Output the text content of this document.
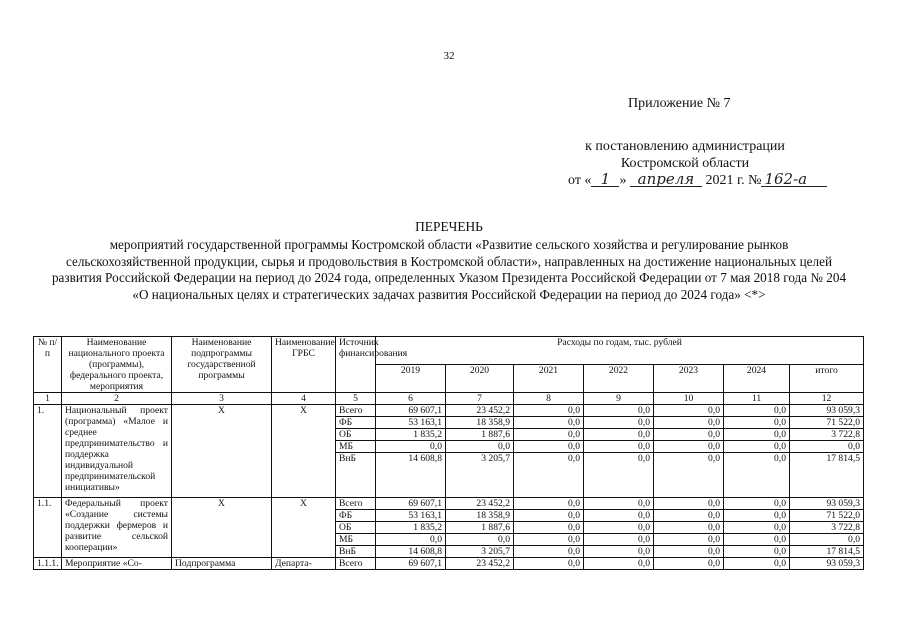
32
Приложение № 7
к постановлению администрации
Костромской области
от « 1 » апреля 2021 г. № 162-а
ПЕРЕЧЕНЬ
мероприятий государственной программы Костромской области «Развитие сельского хозяйства и регулирование рынков сельскохозяйственной продукции, сырья и продовольствия в Костромской области», направленных на достижение национальных целей развития Российской Федерации на период до 2024 года, определенных Указом Президента Российской Федерации от 7 мая 2018 года № 204 «О национальных целях и стратегических задачах развития Российской Федерации на период до 2024 года» <*>
№ п/п	Наименование национального проекта (программы), федерального проекта, мероприятия	Наименование подпрограммы государственной программы	Наименование ГРБС	Источник финансирования	Расходы по годам, тыс. рублей						
					2019	2020	2021	2022	2023	2024	итого
1	2	3	4	5	6	7	8	9	10	11	12
1.	Национальный проект (программа) «Малое и среднее предпринимательство и поддержка индивидуальной предпринимательской инициативы»	Х	Х	Всего	69 607,1	23 452,2	0,0	0,0	0,0	0,0	93 059,3
				ФБ	53 163,1	18 358,9	0,0	0,0	0,0	0,0	71 522,0
				ОБ	1 835,2	1 887,6	0,0	0,0	0,0	0,0	3 722,8
				МБ	0,0	0,0	0,0	0,0	0,0	0,0	0,0
				ВнБ	14 608,8	3 205,7	0,0	0,0	0,0	0,0	17 814,5
1.1.	Федеральный проект «Создание системы поддержки фермеров и развитие сельской кооперации»	Х	Х	Всего	69 607,1	23 452,2	0,0	0,0	0,0	0,0	93 059,3
				ФБ	53 163,1	18 358,9	0,0	0,0	0,0	0,0	71 522,0
				ОБ	1 835,2	1 887,6	0,0	0,0	0,0	0,0	3 722,8
				МБ	0,0	0,0	0,0	0,0	0,0	0,0	0,0
				ВнБ	14 608,8	3 205,7	0,0	0,0	0,0	0,0	17 814,5
1.1.1.	Мероприятие «Со-	Подпрограмма	Департа-	Всего	69 607,1	23 452,2	0,0	0,0	0,0	0,0	93 059,3
